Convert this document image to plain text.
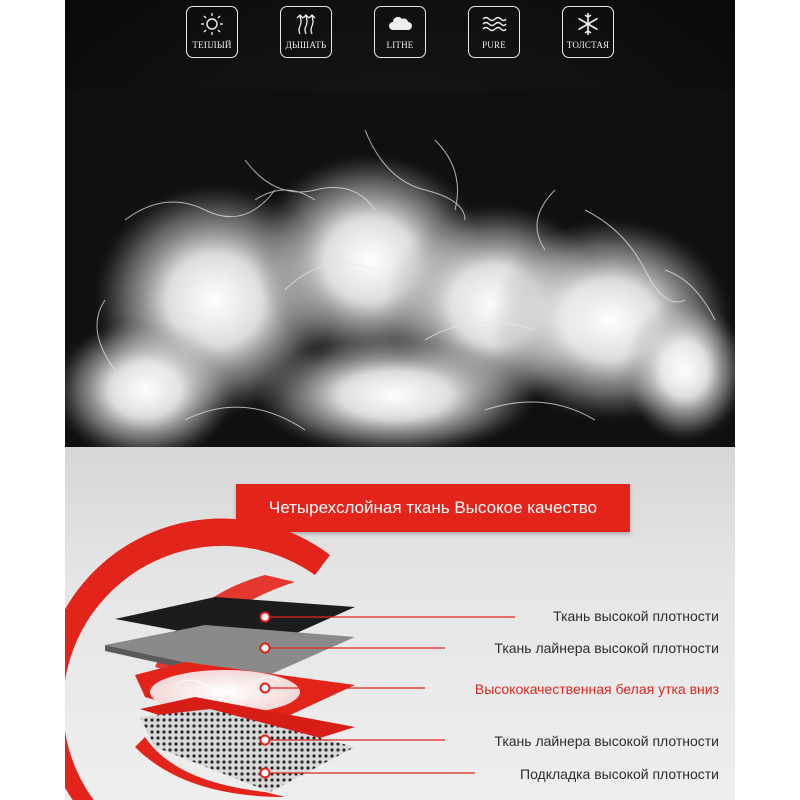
ТЕПЛЫЙ	ДЫШАТЬ	LITHE	PURE	ТОЛСТАЯ
Четырехслойная ткань Высокое качество
Ткань высокой плотности
Ткань лайнера высокой плотности
Высококачественная белая утка вниз
Ткань лайнера высокой плотности
Подкладка высокой плотности
